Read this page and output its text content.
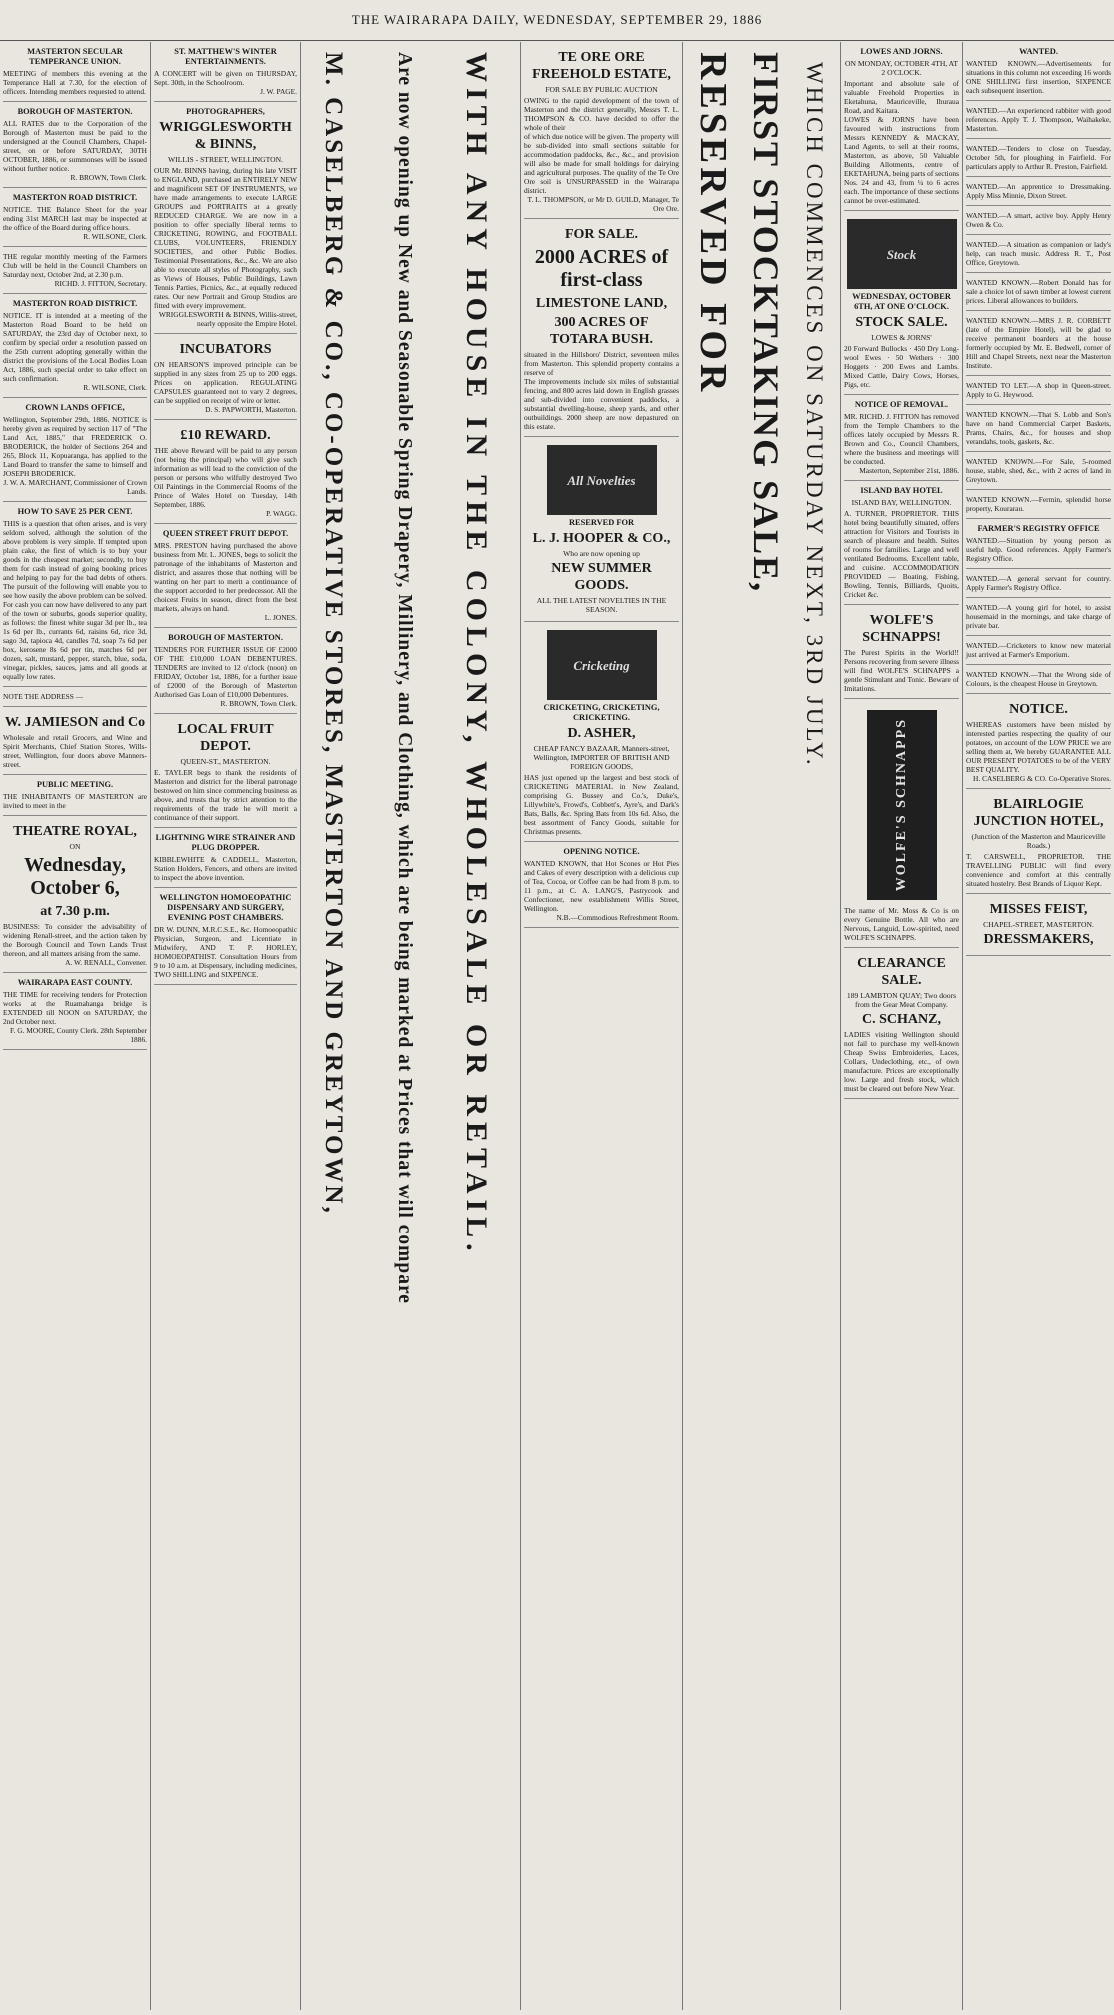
THE WAIRARAPA DAILY, WEDNESDAY, SEPTEMBER 29, 1886
MASTERTON SECULAR TEMPERANCE UNION.
MEETING of members this evening at the Temperance Hall at 7.30, for the election of officers. Intending members requested to attend.
BOROUGH OF MASTERTON.
ALL RATES due to the Corporation of the Borough of Masterton must be paid to the undersigned at the Council Chambers, Chapel-street, on or before SATURDAY, 30TH OCTOBER, 1886, or summonses will be issued without further notice.
R. BROWN, Town Clerk.
MASTERTON ROAD DISTRICT.
NOTICE. THE Balance Sheet for the year ending 31st MARCH last may be inspected at the office of the Board during office hours.
R. WILSONE, Clerk.
THE regular monthly meeting of the Farmers Club will be held in the Council Chambers on Saturday next, October 2nd, at 2.30 p.m.
RICHD. J. FITTON, Secretary.
MASTERTON ROAD DISTRICT.
NOTICE. IT is intended at a meeting of the Masterton Road Board to be held on SATURDAY, the 23rd day of October next, to confirm by special order a resolution passed on the 25th current adopting generally within the district the provisions of the Local Bodies Loan Act, 1886, such special order to take effect on such confirmation.
R. WILSONE, Clerk.
CROWN LANDS OFFICE,
Wellington, September 29th, 1886. NOTICE is hereby given as required by section 117 of "The Land Act, 1885," that FREDERICK O. BRODERICK, the holder of Sections 264 and 265, Block 11, Kopuaranga, has applied to the Land Board to transfer the same to himself and JOSEPH BRODERICK.
J. W. A. MARCHANT, Commissioner of Crown Lands.
HOW TO SAVE 25 PER CENT.
THIS is a question that often arises, and is very seldom solved, although the solution of the above problem is very simple. If tempted upon plain cake, the first of which is to buy your goods in the cheapest market; secondly, to buy them for cash instead of going booking prices and helping to pay for the bad debts of others. The pursuit of the following will enable you to see how easily the above problem can be solved. For cash you can now have delivered to any part of the town or suburbs, goods superior quality, as follows: the finest white sugar 3d per lb., tea 1s 6d per lb., currants 6d, raisins 6d, rice 3d, sago 3d, tapioca 4d, candles 7d, soap 7s 6d per box, kerosene 8s 6d per tin, matches 6d per dozen, salt, mustard, pepper, starch, blue, soda, vinegar, pickles, sauces, jams and all goods at equally low rates.
NOTE THE ADDRESS —
W. JAMIESON and Co
Wholesale and retail Grocers, and Wine and Spirit Merchants, Chief Station Stores, Wills-street, Wellington, four doors above Manners-street.
PUBLIC MEETING.
THE INHABITANTS OF MASTERTON are invited to meet in the
THEATRE ROYAL,
ON
Wednesday, October 6,
at 7.30 p.m.
BUSINESS: To consider the advisability of widening Renall-street, and the action taken by the Borough Council and Town Lands Trust thereon, and all matters arising from the same.
A. W. RENALL, Convener.
WAIRARAPA EAST COUNTY.
THE TIME for receiving tenders for Protection works at the Ruamahanga bridge is EXTENDED till NOON on SATURDAY, the 2nd October next.
F. G. MOORE, County Clerk. 28th September 1886.
ST. MATTHEW'S WINTER ENTERTAINMENTS.
A CONCERT will be given on THURSDAY, Sept. 30th, in the Schoolroom.
J. W. PAGE.
PHOTOGRAPHERS,
WRIGGLESWORTH & BINNS,
WILLIS - STREET, WELLINGTON.
OUR Mr. BINNS having, during his late VISIT to ENGLAND, purchased an ENTIRELY NEW and magnificent SET OF INSTRUMENTS, we have made arrangements to execute LARGE GROUPS and PORTRAITS at a greatly REDUCED CHARGE. We are now in a position to offer specially liberal terms to CRICKETING, ROWING, and FOOTBALL CLUBS, VOLUNTEERS, FRIENDLY SOCIETIES, and other Public Bodies. Testimonial Presentations, &c., &c. We are also able to execute all styles of Photography, such as Views of Houses, Public Buildings, Lawn Tennis Parties, Picnics, &c., at equally reduced rates. Our new Portrait and Group Studios are fitted with every improvement.
WRIGGLESWORTH & BINNS, Willis-street, nearly opposite the Empire Hotel.
INCUBATORS
ON HEARSON'S improved principle can be supplied in any sizes from 25 up to 200 eggs. Prices on application. REGULATING CAPSULES guaranteed not to vary 2 degrees, can be supplied on receipt of wire or letter.
D. S. PAPWORTH, Masterton.
£10 REWARD.
THE above Reward will be paid to any person (not being the principal) who will give such information as will lead to the conviction of the person or persons who wilfully destroyed Two Oil Paintings in the Commercial Rooms of the Prince of Wales Hotel on Tuesday, 14th September, 1886.
P. WAGG.
QUEEN STREET FRUIT DEPOT.
MRS. PRESTON having purchased the above business from Mr. L. JONES, begs to solicit the patronage of the inhabitants of Masterton and district, and assures those that nothing will be wanting on her part to merit a continuance of the support accorded to her predecessor. All the choicest Fruits in season, direct from the best markets, always on hand.
L. JONES.
BOROUGH OF MASTERTON.
TENDERS FOR FURTHER ISSUE OF £2000 OF THE £10,000 LOAN DEBENTURES. TENDERS are invited to 12 o'clock (noon) on FRIDAY, October 1st, 1886, for a further issue of £2000 of the Borough of Masterton Authorised Gas Loan of £10,000 Debentures.
R. BROWN, Town Clerk.
LOCAL FRUIT DEPOT.
QUEEN-ST., MASTERTON.
E. TAYLER begs to thank the residents of Masterton and district for the liberal patronage bestowed on him since commencing business as above, and trusts that by strict attention to the requirements of the trade he will merit a continuance of their support.
LIGHTNING WIRE STRAINER AND PLUG DROPPER.
KIBBLEWHITE & CADDELL, Masterton, Station Holders, Fencers, and others are invited to inspect the above invention.
WELLINGTON HOMOEOPATHIC DISPENSARY AND SURGERY, EVENING POST CHAMBERS.
DR W. DUNN, M.R.C.S.E., &c. Homoeopathic Physician, Surgeon, and Licentiate in Midwifery, AND T. P. HORLEY, HOMOEOPATHIST. Consultation Hours from 9 to 10 a.m. at Dispensary, including medicines, TWO SHILLING and SIXPENCE.	M. CASELBERG & CO., CO-OPERATIVE STORES, MASTERTON AND GREYTOWN, Are now opening up New and Seasonable Spring Drapery, Millinery, and Clothing, which are being marked at Prices that will compare WITH ANY HOUSE IN THE COLONY, WHOLESALE OR RETAIL.	TE ORE ORE FREEHOLD ESTATE,
FOR SALE BY PUBLIC AUCTION
OWING to the rapid development of the town of Masterton and the district generally, Messrs T. L. THOMPSON & CO. have decided to offer the whole of their
of which due notice will be given. The property will be sub-divided into small sections suitable for accommodation paddocks, &c., &c., and provision will also be made for small holdings for dairying and agricultural purposes. The quality of the Te Ore Ore soil is UNSURPASSED in the Wairarapa district.
T. L. THOMPSON, or Mr D. GUILD, Manager, Te Ore Ore.
FOR SALE.
2000 ACRES of first-class
LIMESTONE LAND,
300 ACRES OF TOTARA BUSH.
situated in the Hillsboro' District, seventeen miles from Masterton. This splendid property contains a reserve of
The improvements include six miles of substantial fencing, and 800 acres laid down in English grasses and sub-divided into convenient paddocks, a substantial dwelling-house, sheep yards, and other outbuildings. 2000 sheep are now depastured on this estate.
All Novelties
RESERVED FOR
L. J. HOOPER & CO.,
Who are now opening up
NEW SUMMER GOODS.
ALL THE LATEST NOVELTIES IN THE SEASON.
Cricketing
CRICKETING, CRICKETING, CRICKETING.
D. ASHER,
CHEAP FANCY BAZAAR, Manners-street, Wellington, IMPORTER OF BRITISH AND FOREIGN GOODS,
HAS just opened up the largest and best stock of CRICKETING MATERIAL in New Zealand, comprising G. Bussey and Co.'s, Duke's, Lillywhite's, Frowd's, Cobbett's, Ayre's, and Dark's Bats, Balls, &c. Spring Bats from 10s 6d. Also, the best assortment of Fancy Goods, suitable for Christmas presents.
OPENING NOTICE.
WANTED KNOWN, that Hot Scones or Hot Pies and Cakes of every description with a delicious cup of Tea, Cocoa, or Coffee can be had from 8 p.m. to 11 p.m., at C. A. LANG'S, Pastrycook and Confectioner, new establishment Willis Street, Wellington.
N.B.—Commodious Refreshment Room.
RESERVED FOR FIRST STOCKTAKING SALE, WHICH COMMENCES ON SATURDAY NEXT, 3RD JULY.
LOWES AND JORNS.
ON MONDAY, OCTOBER 4TH, AT 2 O'CLOCK.
Important and absolute sale of valuable Freehold Properties in Eketahuna, Mauriceville, Ihuraua Road, and Kaitara.
LOWES & JORNS have been favoured with instructions from Messrs KENNEDY & MACKAY, Land Agents, to sell at their rooms, Masterton, as above, 50 Valuable Building Allotments, centre of EKETAHUNA, being parts of sections Nos. 24 and 43, from ¼ to 6 acres each. The importance of these sections cannot be over-estimated.
Stock
WEDNESDAY, OCTOBER 6TH, AT ONE O'CLOCK.
STOCK SALE.
LOWES & JORNS'
20 Forward Bullocks · 450 Dry Long-wool Ewes · 50 Wethers · 300 Hoggets · 200 Ewes and Lambs. Mixed Cattle, Dairy Cows, Horses, Pigs, etc.
NOTICE OF REMOVAL.
MR. RICHD. J. FITTON has removed from the Temple Chambers to the offices lately occupied by Messrs R. Brown and Co., Council Chambers, where the business and meetings will be conducted.
Masterton, September 21st, 1886.
ISLAND BAY HOTEL
ISLAND BAY, WELLINGTON.
A. TURNER, PROPRIETOR. THIS hotel being beautifully situated, offers attraction for Visitors and Tourists in search of pleasure and health. Suites of rooms for families. Large and well ventilated Bedrooms. Excellent table, and cuisine. ACCOMMODATION PROVIDED — Boating, Fishing, Bowling, Tennis, Billiards, Quoits, Cricket &c.
WOLFE'S SCHNAPPS!
The Purest Spirits in the World!! Persons recovering from severe illness will find WOLFE'S SCHNAPPS a gentle Stimulant and Tonic. Beware of Imitations.
WOLFE'S SCHNAPPS
The name of Mr. Moss & Co is on every Genuine Bottle. All who are Nervous, Languid, Low-spirited, need WOLFE'S SCHNAPPS.
CLEARANCE SALE.
189 LAMBTON QUAY; Two doors from the Gear Meat Company.
C. SCHANZ,
LADIES visiting Wellington should not fail to purchase my well-known Cheap Swiss Embroideries, Laces, Collars, Undeclothing, etc., of own manufacture. Prices are exceptionally low. Large and fresh stock, which must be cleared out before New Year.
WANTED.
WANTED KNOWN.—Advertisements for situations in this column not exceeding 16 words ONE SHILLING first insertion, SIXPENCE each subsequent insertion.
WANTED.—An experienced rabbiter with good references. Apply T. J. Thompson, Waihakeke, Masterton.
WANTED.—Tenders to close on Tuesday, October 5th, for ploughing in Fairfield. For particulars apply to Arthur R. Preston, Fairfield.
WANTED.—An apprentice to Dressmaking. Apply Miss Minnie, Dixon Street.
WANTED.—A smart, active boy. Apply Henry Owen & Co.
WANTED.—A situation as companion or lady's help, can teach music. Address R. T., Post Office, Greytown.
WANTED KNOWN.—Robert Donald has for sale a choice lot of sawn timber at lowest current prices. Liberal allowances to builders.
WANTED KNOWN.—MRS J. R. CORBETT (late of the Empire Hotel), will be glad to receive permanent boarders at the house formerly occupied by Mr. E. Bedwell, corner of Hill and Chapel Streets, next near the Masterton Institute.
WANTED TO LET.—A shop in Queen-street. Apply to G. Heywood.
WANTED KNOWN.—That S. Lobb and Son's have on hand Commercial Carpet Baskets, Prams, Chairs, &c., for houses and shop verandahs, tools, gaskets, &c.
WANTED KNOWN.—For Sale, 5-roomed house, stable, shed, &c., with 2 acres of land in Greytown.
WANTED KNOWN.—Fermin, splendid horse property, Kourarau.
FARMER'S REGISTRY OFFICE
WANTED.—Situation by young person as useful help. Good references. Apply Farmer's Registry Office.
WANTED.—A general servant for country. Apply Farmer's Registry Office.
WANTED.—A young girl for hotel, to assist housemaid in the mornings, and take charge of private bar.
WANTED.—Cricketers to know new material just arrived at Farmer's Emporium.
WANTED KNOWN.—That the Wrong side of Colours, is the cheapest House in Greytown.
NOTICE.
WHEREAS customers have been misled by interested parties respecting the quality of our potatoes, on account of the LOW PRICE we are selling them at, We hereby GUARANTEE ALL OUR PRESENT POTATOES to be of the VERY BEST QUALITY.
H. CASELBERG & CO. Co-Operative Stores.
BLAIRLOGIE JUNCTION HOTEL,
(Junction of the Masterton and Mauriceville Roads.)
T. CARSWELL, PROPRIETOR. THE TRAVELLING PUBLIC will find every convenience and comfort at this centrally situated hostelry. Best Brands of Liquor Kept.
MISSES FEIST,
CHAPEL-STREET, MASTERTON.
DRESSMAKERS,
